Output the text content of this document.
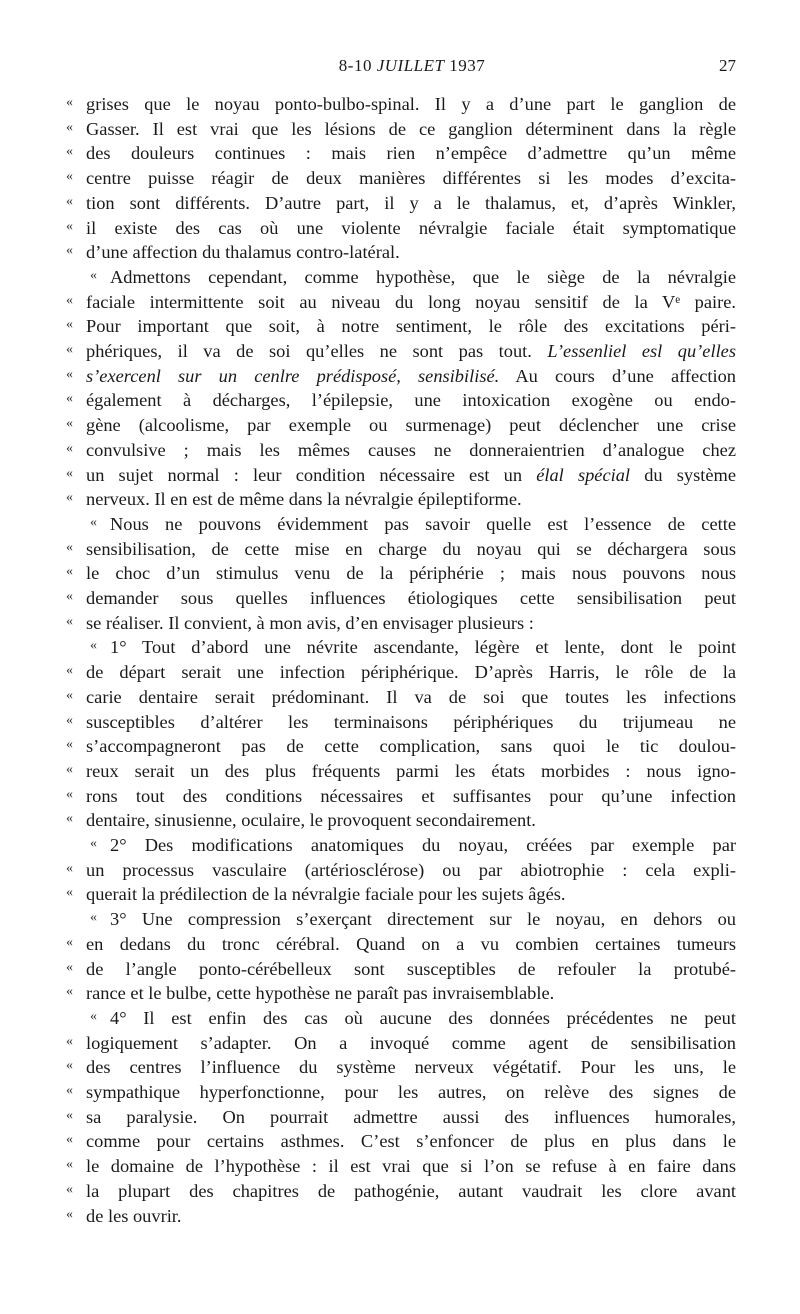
8-10 JUILLET 1937	27
« grises que le noyau ponto-bulbo-spinal. Il y a d’une part le ganglion de
« Gasser. Il est vrai que les lésions de ce ganglion déterminent dans la règle
« des douleurs continues : mais rien n’empêce d’admettre qu’un même
« centre puisse réagir de deux manières différentes si les modes d’excita-
« tion sont différents. D’autre part, il y a le thalamus, et, d’après Winkler,
« il existe des cas où une violente névralgie faciale était symptomatique
« d’une affection du thalamus contro-latéral.
« Admettons cependant, comme hypothèse, que le siège de la névralgie
« faciale intermittente soit au niveau du long noyau sensitif de la Vᵉ paire.
« Pour important que soit, à notre sentiment, le rôle des excitations péri-
« phériques, il va de soi qu’elles ne sont pas tout. L’essenliel esl qu’elles
« s’exercenl sur un cenlre prédisposé, sensibilisé. Au cours d’une affection
« également à décharges, l’épilepsie, une intoxication exogène ou endo-
« gène (alcoolisme, par exemple ou surmenage) peut déclencher une crise
« convulsive ; mais les mêmes causes ne donneraientrien d’analogue chez
« un sujet normal : leur condition nécessaire est un élal spécial du système
« nerveux. Il en est de même dans la névralgie épileptiforme.
« Nous ne pouvons évidemment pas savoir quelle est l’essence de cette
« sensibilisation, de cette mise en charge du noyau qui se déchargera sous
« le choc d’un stimulus venu de la périphérie ; mais nous pouvons nous
« demander sous quelles influences étiologiques cette sensibilisation peut
« se réaliser. Il convient, à mon avis, d’en envisager plusieurs :
« 1° Tout d’abord une névrite ascendante, légère et lente, dont le point
« de départ serait une infection périphérique. D’après Harris, le rôle de la
« carie dentaire serait prédominant. Il va de soi que toutes les infections
« susceptibles d’altérer les terminaisons périphériques du trijumeau ne
« s’accompagneront pas de cette complication, sans quoi le tic doulou-
« reux serait un des plus fréquents parmi les états morbides : nous igno-
« rons tout des conditions nécessaires et suffisantes pour qu’une infection
« dentaire, sinusienne, oculaire, le provoquent secondairement.
« 2° Des modifications anatomiques du noyau, créées par exemple par
« un processus vasculaire (artériosclérose) ou par abiotrophie : cela expli-
« querait la prédilection de la névralgie faciale pour les sujets âgés.
« 3° Une compression s’exerçant directement sur le noyau, en dehors ou
« en dedans du tronc cérébral. Quand on a vu combien certaines tumeurs
« de l’angle ponto-cérébelleux sont susceptibles de refouler la protubé-
« rance et le bulbe, cette hypothèse ne paraît pas invraisemblable.
« 4° Il est enfin des cas où aucune des données précédentes ne peut
« logiquement s’adapter. On a invoqué comme agent de sensibilisation
« des centres l’influence du système nerveux végétatif. Pour les uns, le
« sympathique hyperfonctionne, pour les autres, on relève des signes de
« sa paralysie. On pourrait admettre aussi des influences humorales,
« comme pour certains asthmes. C’est s’enfoncer de plus en plus dans le
« le domaine de l’hypothèse : il est vrai que si l’on se refuse à en faire dans
« la plupart des chapitres de pathogénie, autant vaudrait les clore avant
« de les ouvrir.
